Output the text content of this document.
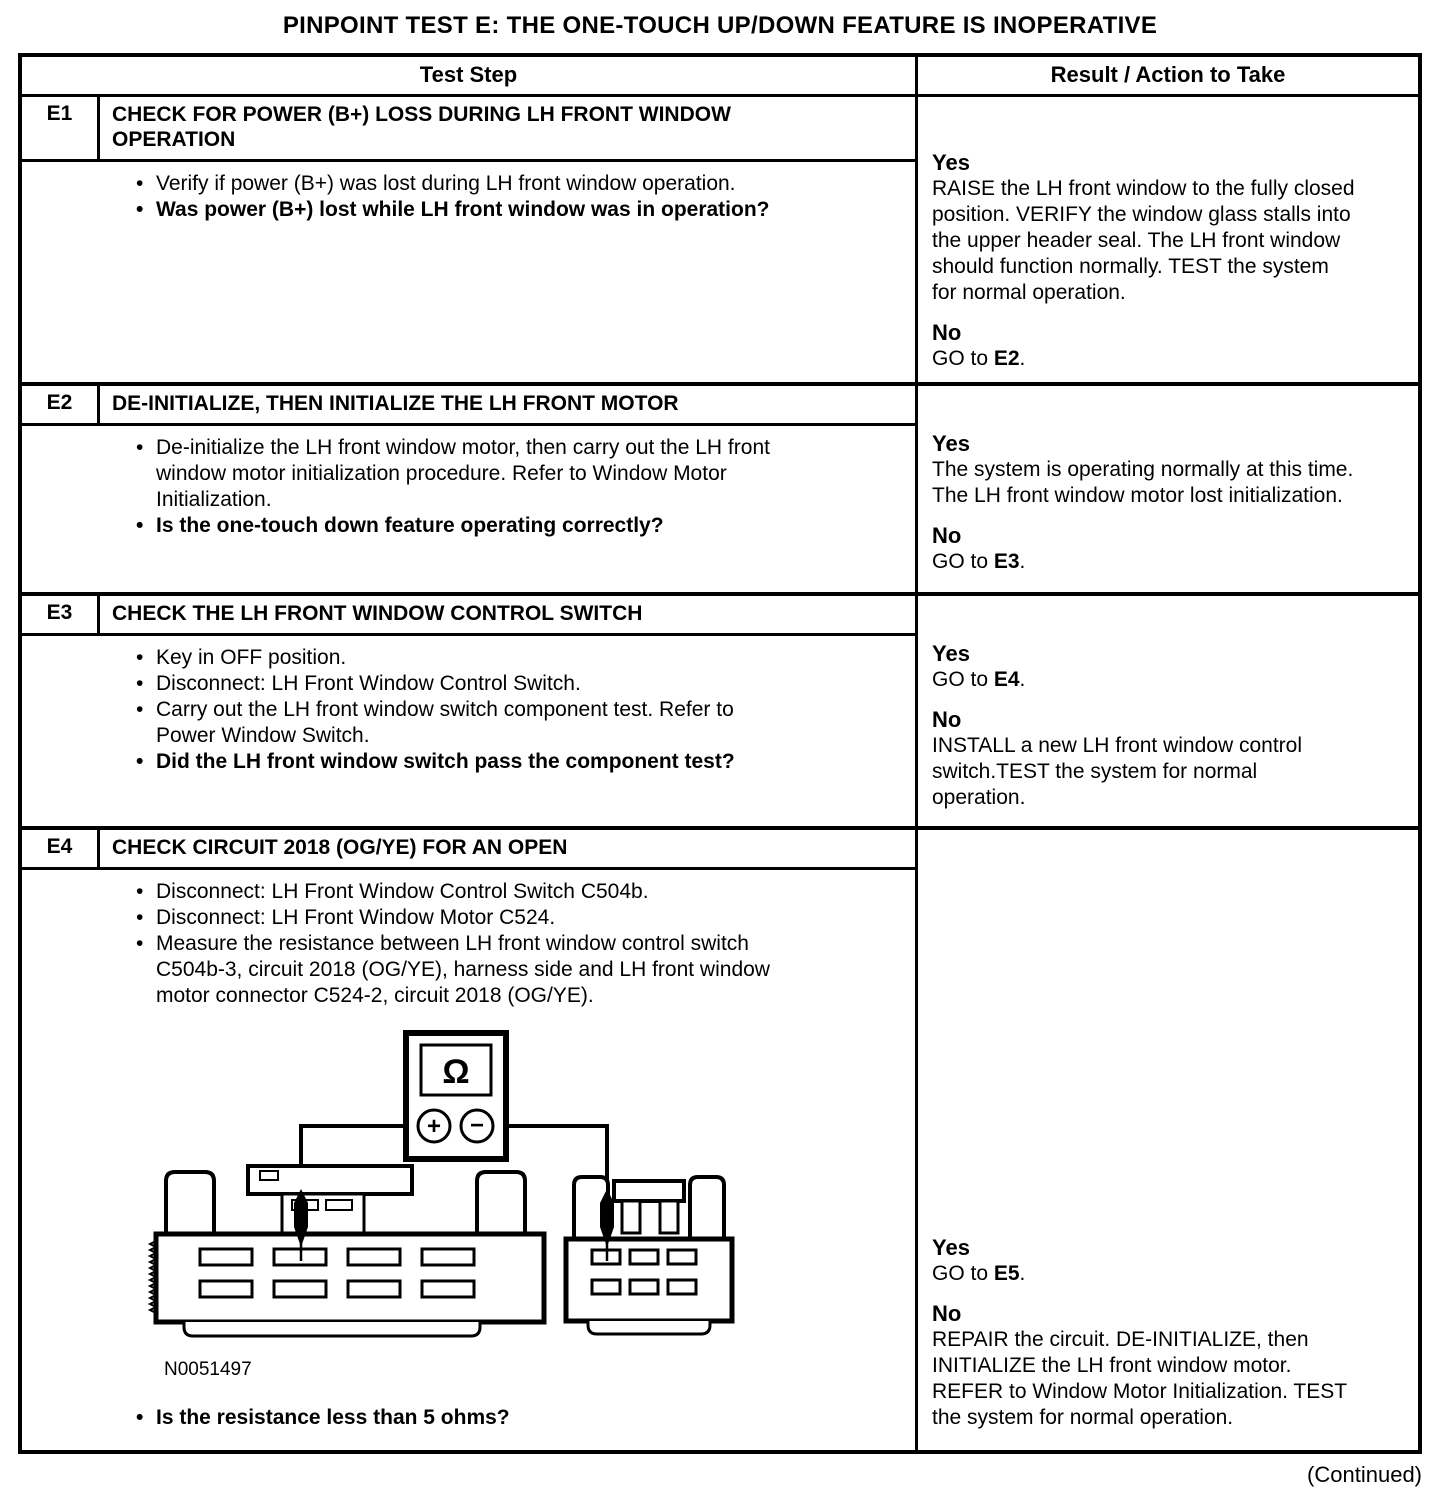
PINPOINT TEST E: THE ONE-TOUCH UP/DOWN FEATURE IS INOPERATIVE
Test Step	Result / Action to Take
E1	CHECK FOR POWER (B+) LOSS DURING LH FRONT WINDOW OPERATION
• Verify if power (B+) was lost during LH front window operation.
• Was power (B+) lost while LH front window was in operation?
Yes

RAISE the LH front window to the fully closed position. VERIFY the window glass stalls into the upper header seal. The LH front window should function normally. TEST the system for normal operation.

No

GO to E2.

E2	DE-INITIALIZE, THEN INITIALIZE THE LH FRONT MOTOR
• De-initialize the LH front window motor, then carry out the LH front window motor initialization procedure. Refer to Window Motor Initialization.
• Is the one-touch down feature operating correctly?
Yes

The system is operating normally at this time. The LH front window motor lost initialization.

No

GO to E3.

E3	CHECK THE LH FRONT WINDOW CONTROL SWITCH
• Key in OFF position.
• Disconnect: LH Front Window Control Switch.
• Carry out the LH front window switch component test. Refer to Power Window Switch.
• Did the LH front window switch pass the component test?
Yes

GO to E4.

No

INSTALL a new LH front window control switch.TEST the system for normal operation.

E4	CHECK CIRCUIT 2018 (OG/YE) FOR AN OPEN
• Disconnect: LH Front Window Control Switch C504b.
• Disconnect: LH Front Window Motor C524.
• Measure the resistance between LH front window control switch C504b-3, circuit 2018 (OG/YE), harness side and LH front window motor connector C524-2, circuit 2018 (OG/YE).
Ω
+ −
N0051497
• Is the resistance less than 5 ohms?
Yes

GO to E5.

No

REPAIR the circuit. DE-INITIALIZE, then INITIALIZE the LH front window motor. REFER to Window Motor Initialization. TEST the system for normal operation.

(Continued)
